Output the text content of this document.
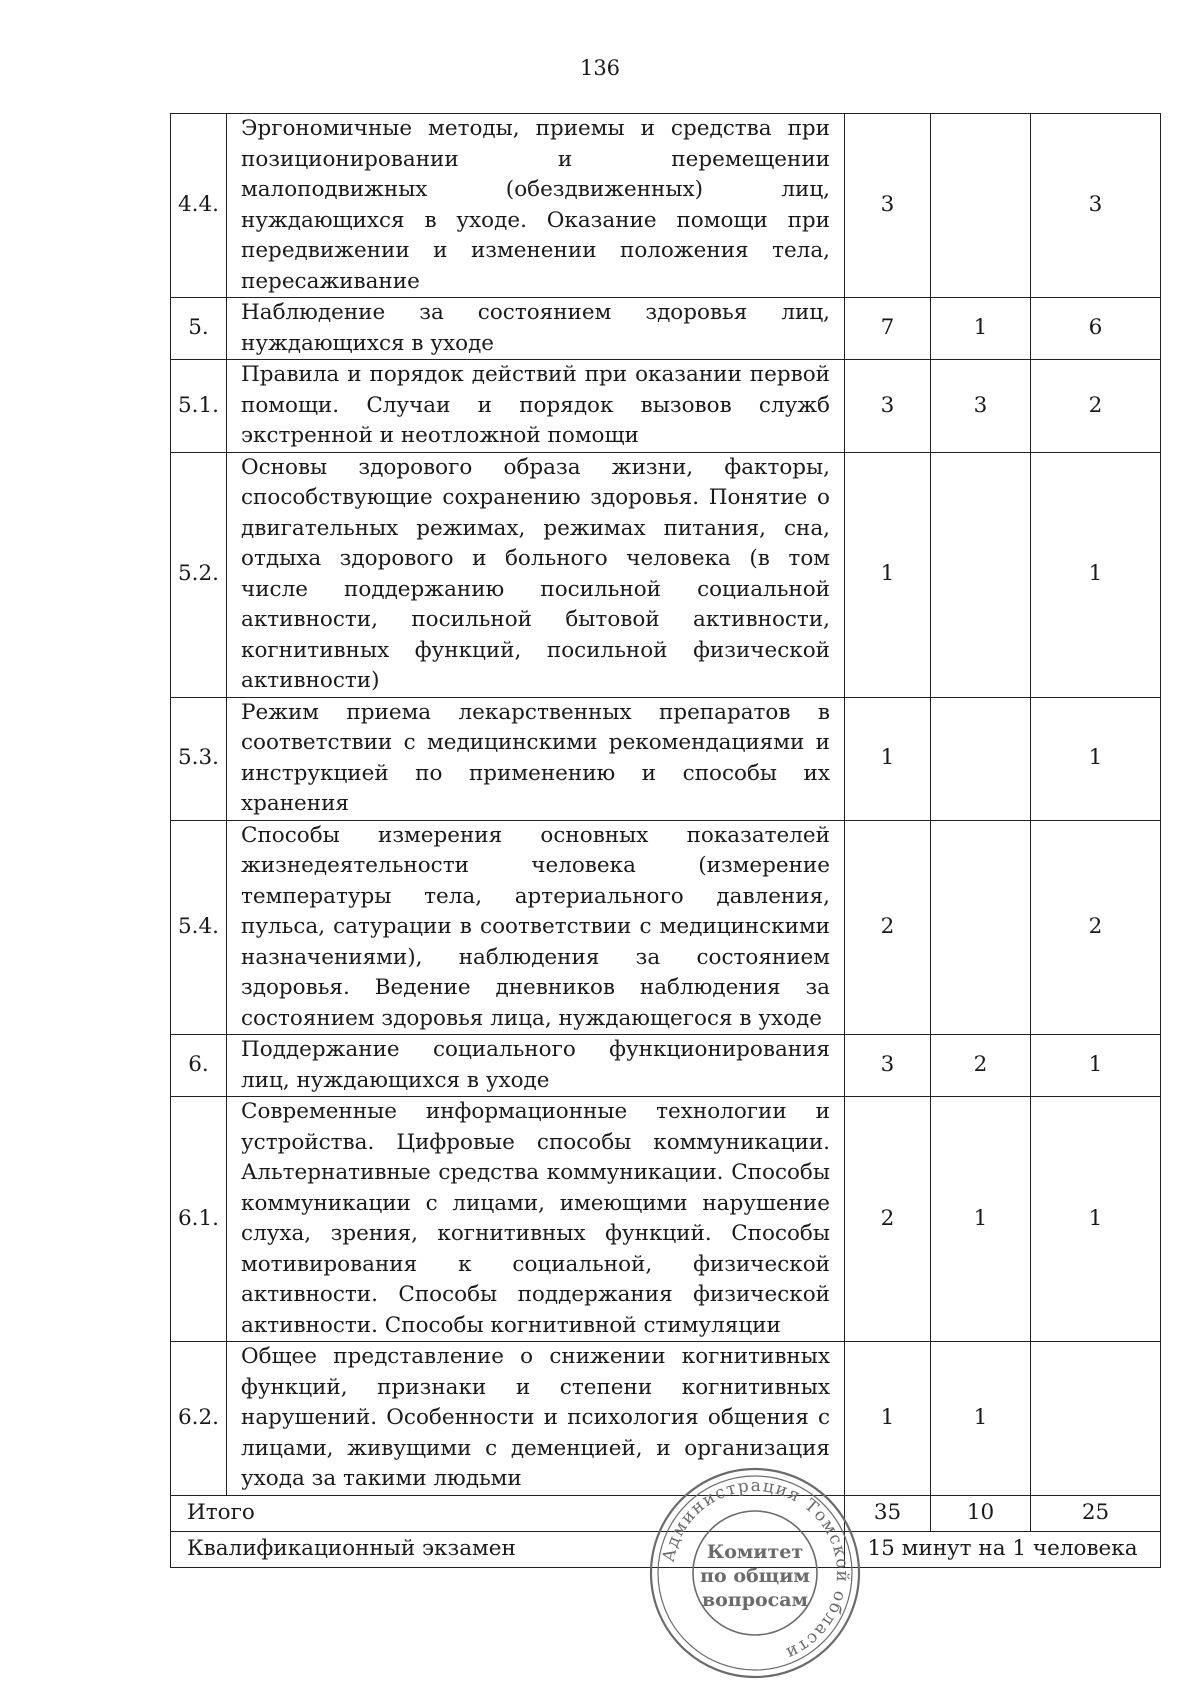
136
4.4.	Эргономичные методы, приемы и средства при позиционировании и перемещении малоподвижных (обездвиженных) лиц, нуждающихся в уходе. Оказание помощи при передвижении и изменении положения тела, пересаживание	3		3
5.	Наблюдение за состоянием здоровья лиц, нуждающихся в уходе	7	1	6
5.1.	Правила и порядок действий при оказании первой помощи. Случаи и порядок вызовов служб экстренной и неотложной помощи	3	3	2
5.2.	Основы здорового образа жизни, факторы, способствующие сохранению здоровья. Понятие о двигательных режимах, режимах питания, сна, отдыха здорового и больного человека (в том числе поддержанию посильной социальной активности, посильной бытовой активности, когнитивных функций, посильной физической активности)	1		1
5.3.	Режим приема лекарственных препаратов в соответствии с медицинскими рекомендациями и инструкцией по применению и способы их хранения	1		1
5.4.	Способы измерения основных показателей жизнедеятельности человека (измерение температуры тела, артериального давления, пульса, сатурации в соответствии с медицинскими назначениями), наблюдения за состоянием здоровья. Ведение дневников наблюдения за состоянием здоровья лица, нуждающегося в уходе	2		2
6.	Поддержание социального функционирования лиц, нуждающихся в уходе	3	2	1
6.1.	Современные информационные технологии и устройства. Цифровые способы коммуникации. Альтернативные средства коммуникации. Способы коммуникации с лицами, имеющими нарушение слуха, зрения, когнитивных функций. Способы мотивирования к социальной, физической активности. Способы поддержания физической активности. Способы когнитивной стимуляции	2	1	1
6.2.	Общее представление о снижении когнитивных функций, признаки и степени когнитивных нарушений. Особенности и психология общения с лицами, живущими с деменцией, и организация ухода за такими людьми	1	1	
Итого		35	10	25
Квалификационный экзамен		15 минут на 1 человека		
Администрация Томской области
Комитет
по общим
вопросам
